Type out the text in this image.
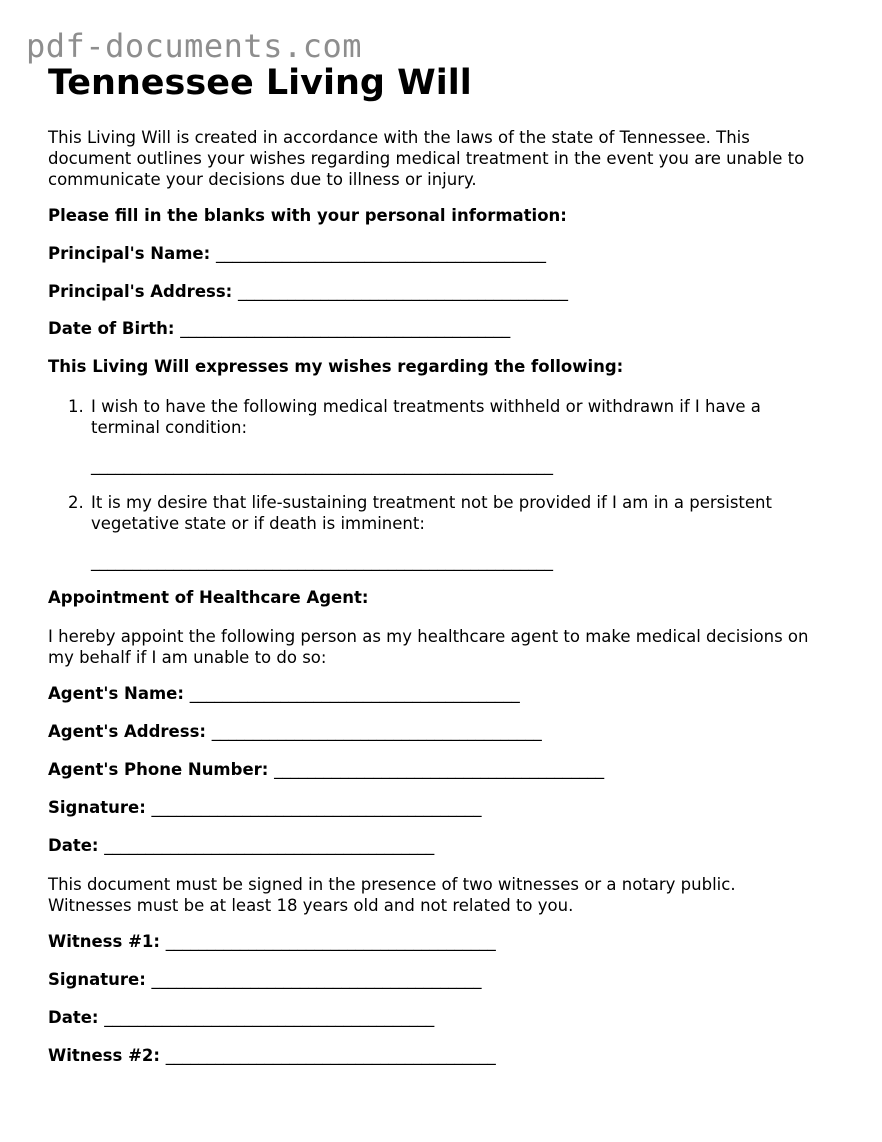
pdf-documents.com
Tennessee Living Will

This Living Will is created in accordance with the laws of the state of Tennessee. This document outlines your wishes regarding medical treatment in the event you are unable to communicate your decisions due to illness or injury.

Please fill in the blanks with your personal information:

Principal's Name: ________________________________________

Principal's Address: ________________________________________

Date of Birth: ________________________________________

This Living Will expresses my wishes regarding the following:

1. I wish to have the following medical treatments withheld or withdrawn if I have a terminal condition:

________________________________________________________
2. It is my desire that life-sustaining treatment not be provided if I am in a persistent vegetative state or if death is imminent:

________________________________________________________

Appointment of Healthcare Agent:

I hereby appoint the following person as my healthcare agent to make medical decisions on my behalf if I am unable to do so:

Agent's Name: ________________________________________

Agent's Address: ________________________________________

Agent's Phone Number: ________________________________________

Signature: ________________________________________

Date: ________________________________________

This document must be signed in the presence of two witnesses or a notary public. Witnesses must be at least 18 years old and not related to you.

Witness #1: ________________________________________

Signature: ________________________________________

Date: ________________________________________

Witness #2: ________________________________________
